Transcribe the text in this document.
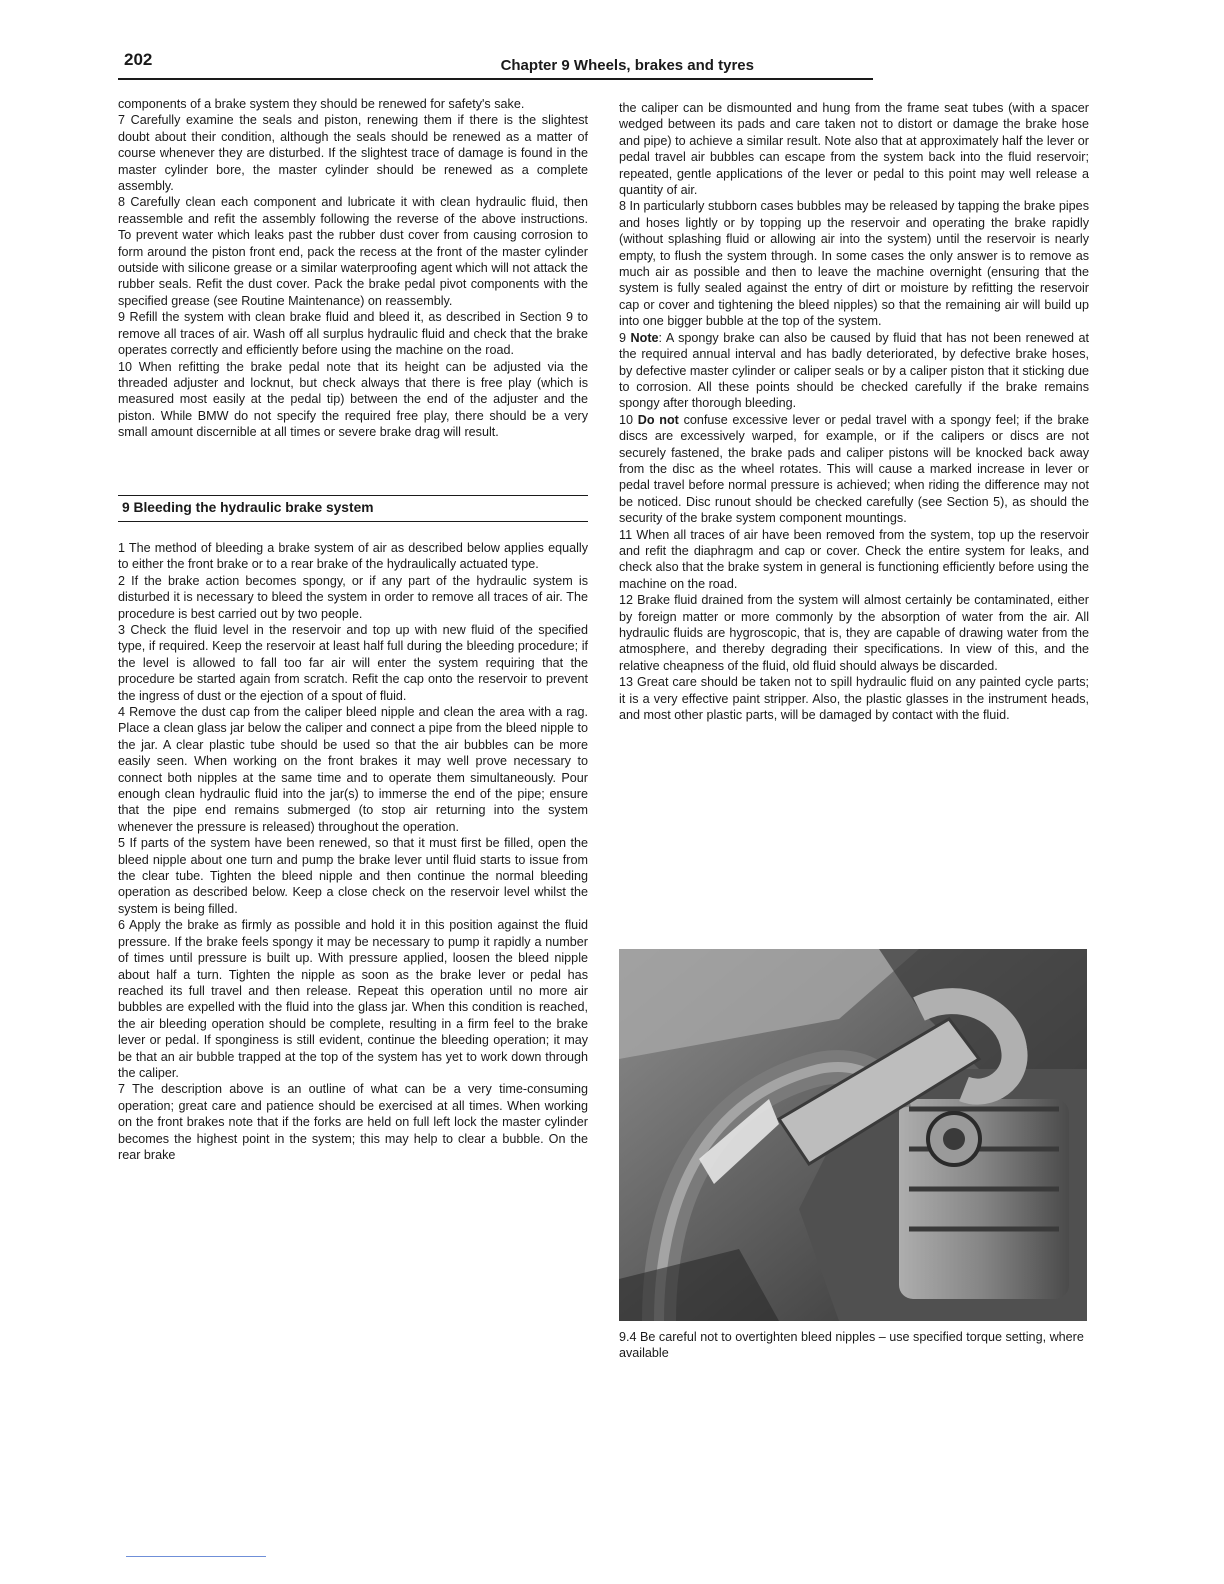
202	Chapter 9 Wheels, brakes and tyres

components of a brake system they should be renewed for safety's sake.

7 Carefully examine the seals and piston, renewing them if there is the slightest doubt about their condition, although the seals should be renewed as a matter of course whenever they are disturbed. If the slightest trace of damage is found in the master cylinder bore, the master cylinder should be renewed as a complete assembly.

8 Carefully clean each component and lubricate it with clean hydraulic fluid, then reassemble and refit the assembly following the reverse of the above instructions. To prevent water which leaks past the rubber dust cover from causing corrosion to form around the piston front end, pack the recess at the front of the master cylinder outside with silicone grease or a similar waterproofing agent which will not attack the rubber seals. Refit the dust cover. Pack the brake pedal pivot components with the specified grease (see Routine Maintenance) on reassembly.

9 Refill the system with clean brake fluid and bleed it, as described in Section 9 to remove all traces of air. Wash off all surplus hydraulic fluid and check that the brake operates correctly and efficiently before using the machine on the road.

10 When refitting the brake pedal note that its height can be adjusted via the threaded adjuster and locknut, but check always that there is free play (which is measured most easily at the pedal tip) between the end of the adjuster and the piston. While BMW do not specify the required free play, there should be a very small amount discernible at all times or severe brake drag will result.

9 Bleeding the hydraulic brake system

1 The method of bleeding a brake system of air as described below applies equally to either the front brake or to a rear brake of the hydraulically actuated type.

2 If the brake action becomes spongy, or if any part of the hydraulic system is disturbed it is necessary to bleed the system in order to remove all traces of air. The procedure is best carried out by two people.

3 Check the fluid level in the reservoir and top up with new fluid of the specified type, if required. Keep the reservoir at least half full during the bleeding procedure; if the level is allowed to fall too far air will enter the system requiring that the procedure be started again from scratch. Refit the cap onto the reservoir to prevent the ingress of dust or the ejection of a spout of fluid.

4 Remove the dust cap from the caliper bleed nipple and clean the area with a rag. Place a clean glass jar below the caliper and connect a pipe from the bleed nipple to the jar. A clear plastic tube should be used so that the air bubbles can be more easily seen. When working on the front brakes it may well prove necessary to connect both nipples at the same time and to operate them simultaneously. Pour enough clean hydraulic fluid into the jar(s) to immerse the end of the pipe; ensure that the pipe end remains submerged (to stop air returning into the system whenever the pressure is released) throughout the operation.

5 If parts of the system have been renewed, so that it must first be filled, open the bleed nipple about one turn and pump the brake lever until fluid starts to issue from the clear tube. Tighten the bleed nipple and then continue the normal bleeding operation as described below. Keep a close check on the reservoir level whilst the system is being filled.

6 Apply the brake as firmly as possible and hold it in this position against the fluid pressure. If the brake feels spongy it may be necessary to pump it rapidly a number of times until pressure is built up. With pressure applied, loosen the bleed nipple about half a turn. Tighten the nipple as soon as the brake lever or pedal has reached its full travel and then release. Repeat this operation until no more air bubbles are expelled with the fluid into the glass jar. When this condition is reached, the air bleeding operation should be complete, resulting in a firm feel to the brake lever or pedal. If sponginess is still evident, continue the bleeding operation; it may be that an air bubble trapped at the top of the system has yet to work down through the caliper.

7 The description above is an outline of what can be a very time-consuming operation; great care and patience should be exercised at all times. When working on the front brakes note that if the forks are held on full left lock the master cylinder becomes the highest point in the system; this may help to clear a bubble. On the rear brake

the caliper can be dismounted and hung from the frame seat tubes (with a spacer wedged between its pads and care taken not to distort or damage the brake hose and pipe) to achieve a similar result. Note also that at approximately half the lever or pedal travel air bubbles can escape from the system back into the fluid reservoir; repeated, gentle applications of the lever or pedal to this point may well release a quantity of air.

8 In particularly stubborn cases bubbles may be released by tapping the brake pipes and hoses lightly or by topping up the reservoir and operating the brake rapidly (without splashing fluid or allowing air into the system) until the reservoir is nearly empty, to flush the system through. In some cases the only answer is to remove as much air as possible and then to leave the machine overnight (ensuring that the system is fully sealed against the entry of dirt or moisture by refitting the reservoir cap or cover and tightening the bleed nipples) so that the remaining air will build up into one bigger bubble at the top of the system.

9 Note: A spongy brake can also be caused by fluid that has not been renewed at the required annual interval and has badly deteriorated, by defective brake hoses, by defective master cylinder or caliper seals or by a caliper piston that it sticking due to corrosion. All these points should be checked carefully if the brake remains spongy after thorough bleeding.

10 Do not confuse excessive lever or pedal travel with a spongy feel; if the brake discs are excessively warped, for example, or if the calipers or discs are not securely fastened, the brake pads and caliper pistons will be knocked back away from the disc as the wheel rotates. This will cause a marked increase in lever or pedal travel before normal pressure is achieved; when riding the difference may not be noticed. Disc runout should be checked carefully (see Section 5), as should the security of the brake system component mountings.

11 When all traces of air have been removed from the system, top up the reservoir and refit the diaphragm and cap or cover. Check the entire system for leaks, and check also that the brake system in general is functioning efficiently before using the machine on the road.

12 Brake fluid drained from the system will almost certainly be contaminated, either by foreign matter or more commonly by the absorption of water from the air. All hydraulic fluids are hygroscopic, that is, they are capable of drawing water from the atmosphere, and thereby degrading their specifications. In view of this, and the relative cheapness of the fluid, old fluid should always be discarded.

13 Great care should be taken not to spill hydraulic fluid on any painted cycle parts; it is a very effective paint stripper. Also, the plastic glasses in the instrument heads, and most other plastic parts, will be damaged by contact with the fluid.

9.4 Be careful not to overtighten bleed nipples – use specified torque setting, where available
